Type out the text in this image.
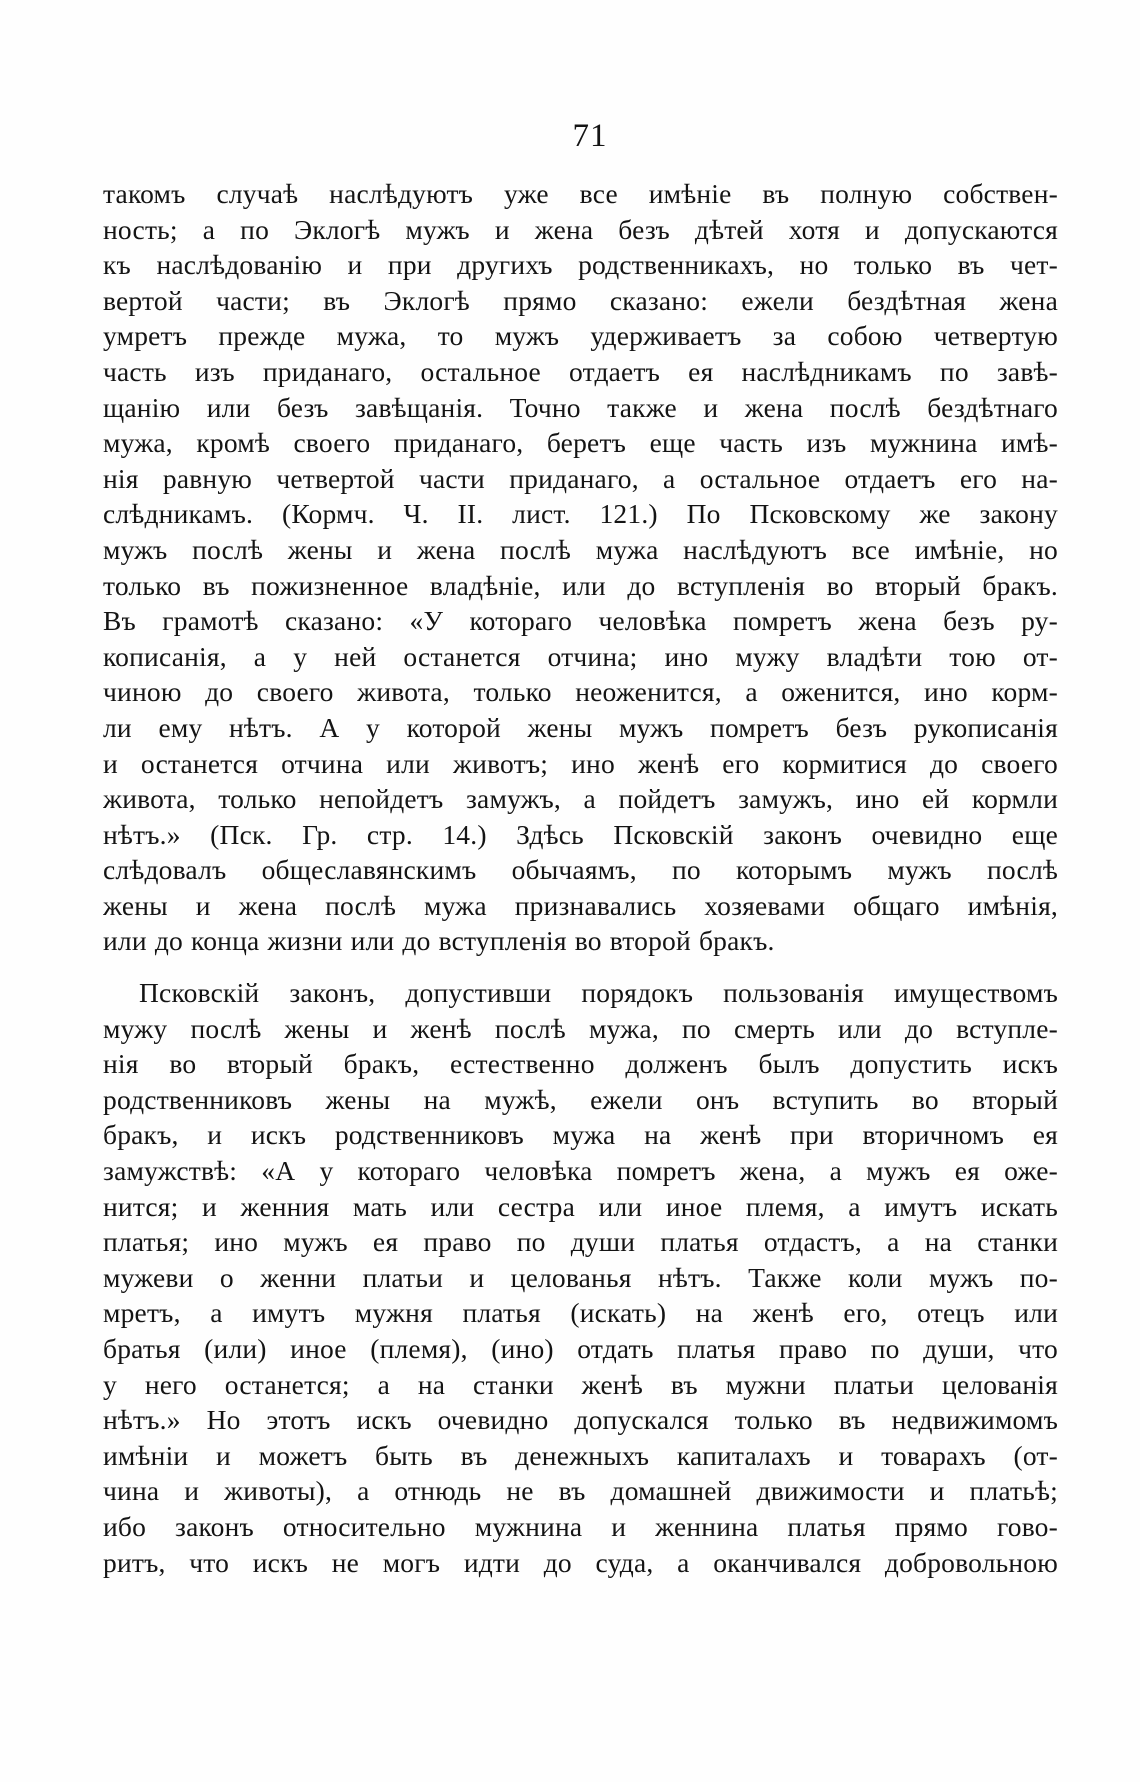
71
такомъ случаѣ наслѣдуютъ уже все имѣніе въ полную собствен-
ность; а по Эклогѣ мужъ и жена безъ дѣтей хотя и допускаются
къ наслѣдованію и при другихъ родственникахъ, но только въ чет-
вертой части; въ Эклогѣ прямо сказано: ежели бездѣтная жена
умретъ прежде мужа, то мужъ удерживаетъ за собою четвертую
часть изъ приданаго, остальное отдаетъ ея наслѣдникамъ по завѣ-
щанію или безъ завѣщанія. Точно также и жена послѣ бездѣтнаго
мужа, кромѣ своего приданаго, беретъ еще часть изъ мужнина имѣ-
нія равную четвертой части приданаго, а остальное отдаетъ его на-
слѣдникамъ. (Кормч. Ч. II. лист. 121.) По Псковскому же закону
мужъ послѣ жены и жена послѣ мужа наслѣдуютъ все имѣніе, но
только въ пожизненное владѣніе, или до вступленія во вторый бракъ.
Въ грамотѣ сказано: «У котораго человѣка помретъ жена безъ ру-
кописанія, а у ней останется отчина; ино мужу владѣти тою от-
чиною до своего живота, только неоженится, а оженится, ино корм-
ли ему нѣтъ. А у которой жены мужъ помретъ безъ рукописанія
и останется отчина или животъ; ино женѣ его кормитися до своего
живота, только непойдетъ замужъ, а пойдетъ замужъ, ино ей кормли
нѣтъ.» (Пск. Гр. стр. 14.) Здѣсь Псковскій законъ очевидно еще
слѣдовалъ общеславянскимъ обычаямъ, по которымъ мужъ послѣ
жены и жена послѣ мужа признавались хозяевами общаго имѣнія,
или до конца жизни или до вступленія во второй бракъ.
Псковскій законъ, допустивши порядокъ пользованія имуществомъ
мужу послѣ жены и женѣ послѣ мужа, по смерть или до вступле-
нія во вторый бракъ, естественно долженъ былъ допустить искъ
родственниковъ жены на мужѣ, ежели онъ вступить во вторый
бракъ, и искъ родственниковъ мужа на женѣ при вторичномъ ея
замужствѣ: «А у котораго человѣка помретъ жена, а мужъ ея оже-
нится; и женния мать или сестра или иное племя, а имутъ искать
платья; ино мужъ ея право по души платья отдастъ, а на станки
мужеви о женни платьи и целованья нѣтъ. Также коли мужъ по-
мретъ, а имутъ мужня платья (искать) на женѣ его, отецъ или
братья (или) иное (племя), (ино) отдать платья право по души, что
у него останется; а на станки женѣ въ мужни платьи целованія
нѣтъ.» Но этотъ искъ очевидно допускался только въ недвижимомъ
имѣніи и можетъ быть въ денежныхъ капиталахъ и товарахъ (от-
чина и животы), а отнюдь не въ домашней движимости и платьѣ;
ибо законъ относительно мужнина и женнина платья прямо гово-
ритъ, что искъ не могъ идти до суда, а оканчивался добровольною
